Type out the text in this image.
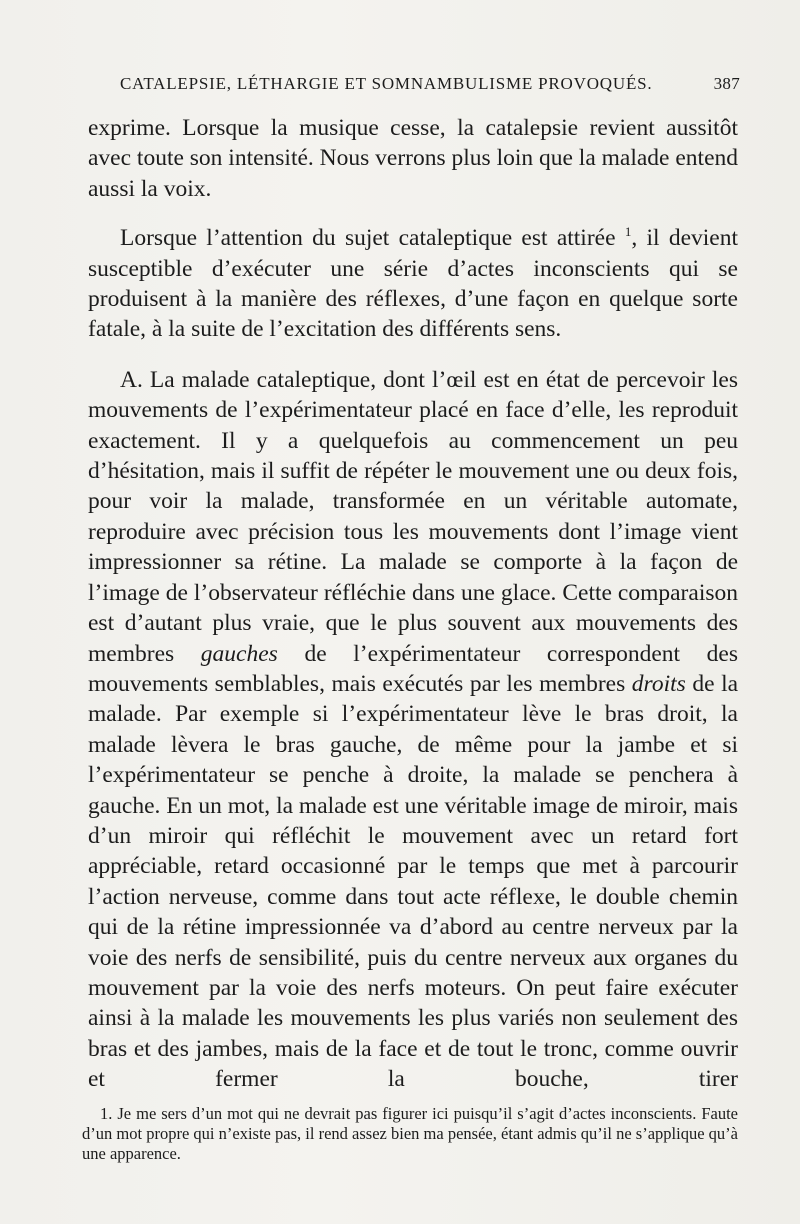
CATALEPSIE, LÉTHARGIE ET SOMNAMBULISME PROVOQUÉS.	387

exprime. Lorsque la musique cesse, la catalepsie revient aussitôt avec toute son intensité. Nous verrons plus loin que la malade entend aussi la voix.

Lorsque l’attention du sujet cataleptique est attirée $^1$, il devient susceptible d’exécuter une série d’actes inconscients qui se produisent à la manière des réflexes, d’une façon en quelque sorte fatale, à la suite de l’excitation des différents sens.

A. La malade cataleptique, dont l’œil est en état de percevoir les mouvements de l’expérimentateur placé en face d’elle, les reproduit exactement. Il y a quelquefois au commencement un peu d’hésitation, mais il suffit de répéter le mouvement une ou deux fois, pour voir la malade, transformée en un véritable automate, reproduire avec précision tous les mouvements dont l’image vient impressionner sa rétine. La malade se comporte à la façon de l’image de l’observateur réfléchie dans une glace. Cette comparaison est d’autant plus vraie, que le plus souvent aux mouvements des membres gauches de l’expérimentateur correspondent des mouvements semblables, mais exécutés par les membres droits de la malade. Par exemple si l’expérimentateur lève le bras droit, la malade lèvera le bras gauche, de même pour la jambe et si l’expérimentateur se penche à droite, la malade se penchera à gauche. En un mot, la malade est une véritable image de miroir, mais d’un miroir qui réfléchit le mouvement avec un retard fort appréciable, retard occasionné par le temps que met à parcourir l’action nerveuse, comme dans tout acte réflexe, le double chemin qui de la rétine impressionnée va d’abord au centre nerveux par la voie des nerfs de sensibilité, puis du centre nerveux aux organes du mouvement par la voie des nerfs moteurs. On peut faire exécuter ainsi à la malade les mouvements les plus variés non seulement des bras et des jambes, mais de la face et de tout le tronc, comme ouvrir et fermer la bouche, tirer

1. Je me sers d’un mot qui ne devrait pas figurer ici puisqu’il s’agit d’actes inconscients. Faute d’un mot propre qui n’existe pas, il rend assez bien ma pensée, étant admis qu’il ne s’applique qu’à une apparence.
